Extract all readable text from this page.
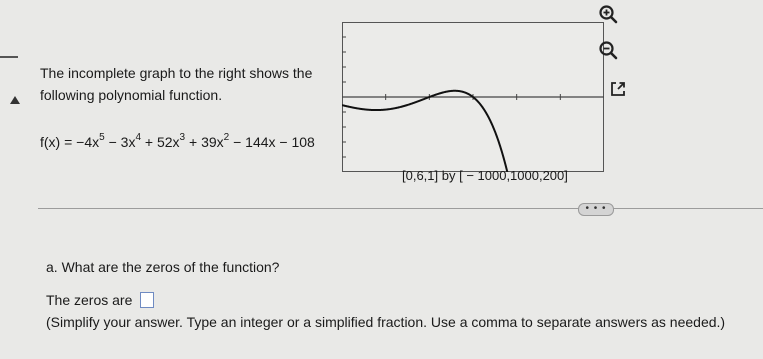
The incomplete graph to the right shows the following polynomial function.
$f(x) = -4x^5 - 3x^4 + 52x^3 + 39x^2 - 144x - 108$
[0,6,1] by [ − 1000,1000,200]
• • •
a. What are the zeros of the function?
The zeros are
(Simplify your answer. Type an integer or a simplified fraction. Use a comma to separate answers as needed.)
